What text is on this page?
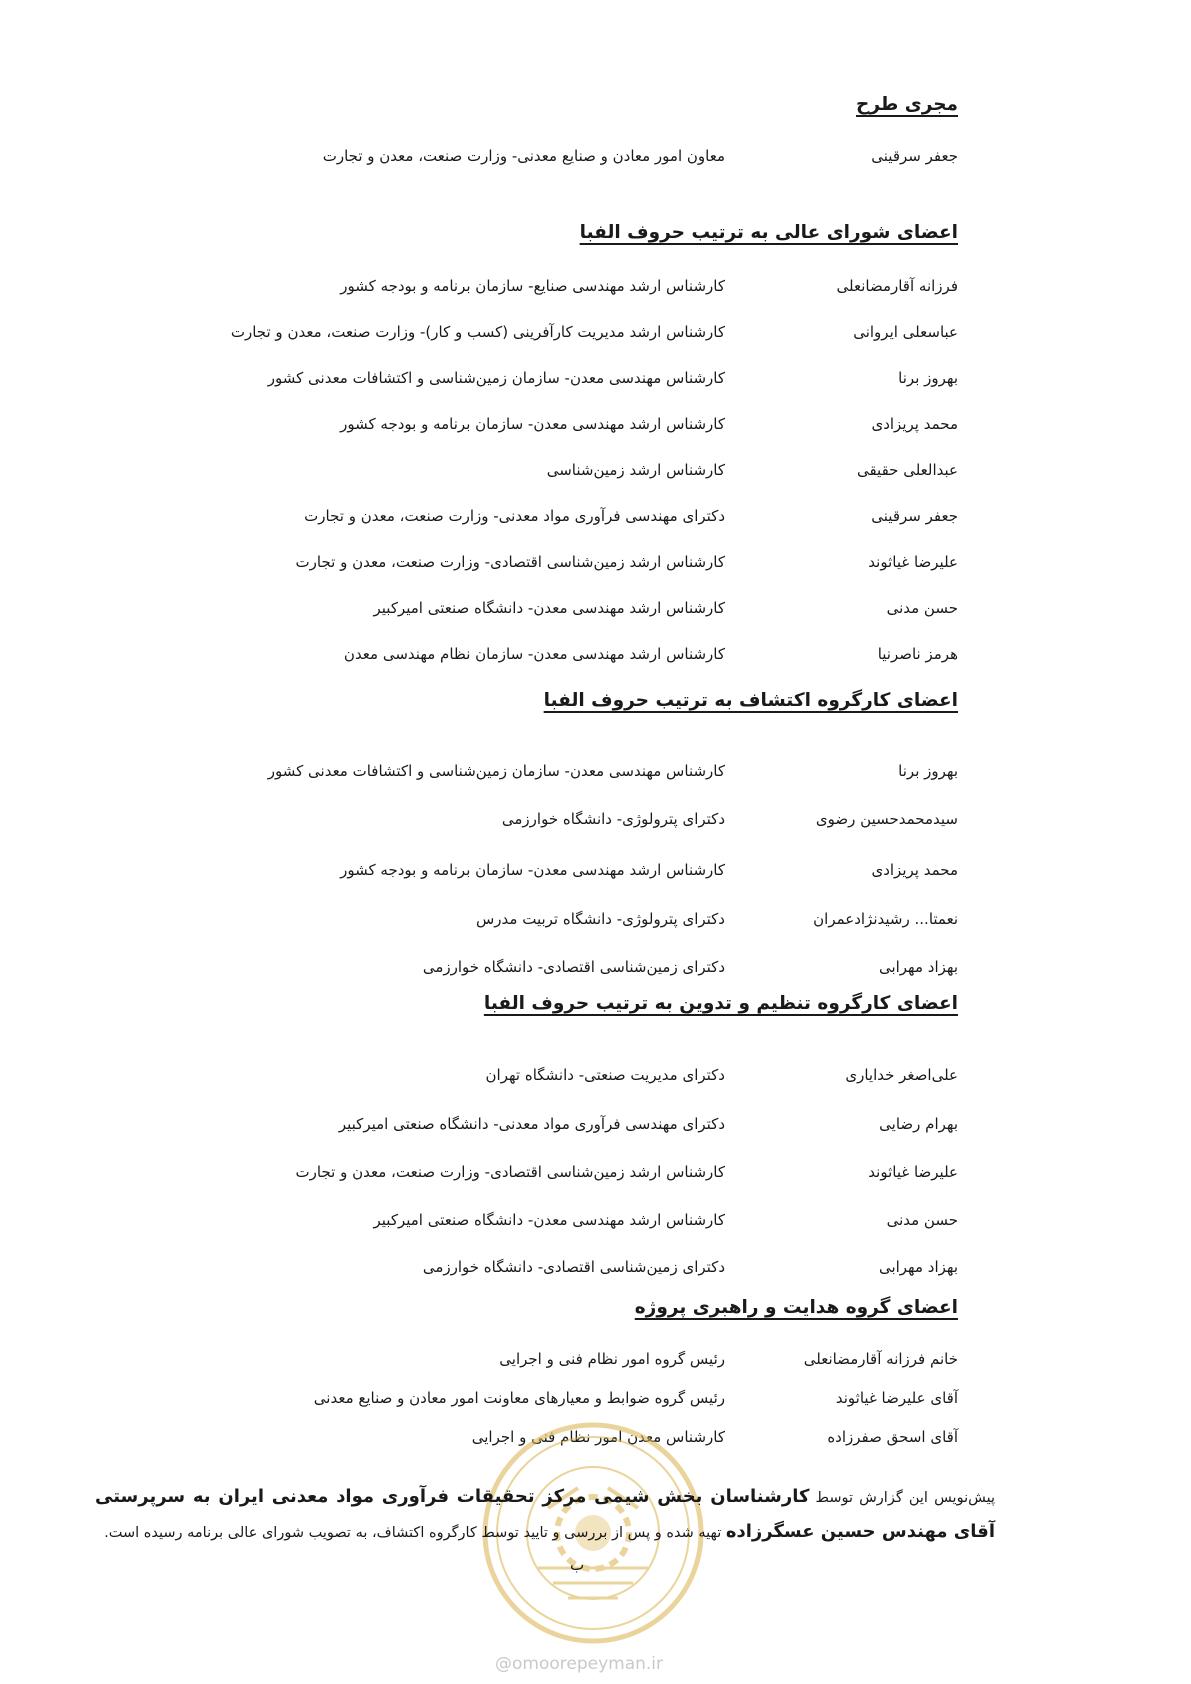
مجری طرح
جعفر سرقینی
معاون امور معادن و صنایع معدنی- وزارت صنعت، معدن و تجارت
اعضای شورای عالی به ترتیب حروف الفبا
فرزانه آقارمضانعلی
کارشناس ارشد مهندسی صنایع- سازمان برنامه و بودجه کشور
عباسعلی ایروانی
کارشناس ارشد مدیریت کارآفرینی (کسب و کار)- وزارت صنعت، معدن و تجارت
بهروز برنا
کارشناس مهندسی معدن- سازمان زمین‌شناسی و اکتشافات معدنی کشور
محمد پریزادی
کارشناس ارشد مهندسی معدن- سازمان برنامه و بودجه کشور
عبدالعلی حقیقی
کارشناس ارشد زمین‌شناسی
جعفر سرقینی
دکترای مهندسی فرآوری مواد معدنی- وزارت صنعت، معدن و تجارت
علیرضا غیاثوند
کارشناس ارشد زمین‌شناسی اقتصادی- وزارت صنعت، معدن و تجارت
حسن مدنی
کارشناس ارشد مهندسی معدن- دانشگاه صنعتی امیرکبیر
هرمز ناصرنیا
کارشناس ارشد مهندسی معدن- سازمان نظام مهندسی معدن
اعضای کارگروه اکتشاف به ترتیب حروف الفبا
بهروز برنا
کارشناس مهندسی معدن- سازمان زمین‌شناسی و اکتشافات معدنی کشور
سیدمحمدحسین رضوی
دکترای پترولوژی- دانشگاه خوارزمی
محمد پریزادی
کارشناس ارشد مهندسی معدن- سازمان برنامه و بودجه کشور
نعمتا... رشیدنژادعمران
دکترای پترولوژی- دانشگاه تربیت مدرس
بهزاد مهرابی
دکترای زمین‌شناسی اقتصادی- دانشگاه خوارزمی
اعضای کارگروه تنظیم و تدوین به ترتیب حروف الفبا
علی‌اصغر خدایاری
دکترای مدیریت صنعتی- دانشگاه تهران
بهرام رضایی
دکترای مهندسی فرآوری مواد معدنی- دانشگاه صنعتی امیرکبیر
علیرضا غیاثوند
کارشناس ارشد زمین‌شناسی اقتصادی- وزارت صنعت، معدن و تجارت
حسن مدنی
کارشناس ارشد مهندسی معدن- دانشگاه صنعتی امیرکبیر
بهزاد مهرابی
دکترای زمین‌شناسی اقتصادی- دانشگاه خوارزمی
اعضای گروه هدایت و راهبری پروژه
خانم فرزانه آقارمضانعلی
رئیس گروه امور نظام فنی و اجرایی
آقای علیرضا غیاثوند
رئیس گروه ضوابط و معیارهای معاونت امور معادن و صنایع معدنی
آقای اسحق صفرزاده
کارشناس معدن امور نظام فنی و اجرایی

پیش‌نویس این گزارش توسط کارشناسان بخش شیمی مرکز تحقیقات فرآوری مواد معدنی ایران به سرپرستی آقای مهندس حسین عسگرزاده تهیه شده و پس از بررسی و تایید توسط کارگروه اکتشاف، به تصویب شورای عالی برنامه رسیده است.

ب
@omoorepeyman.ir
